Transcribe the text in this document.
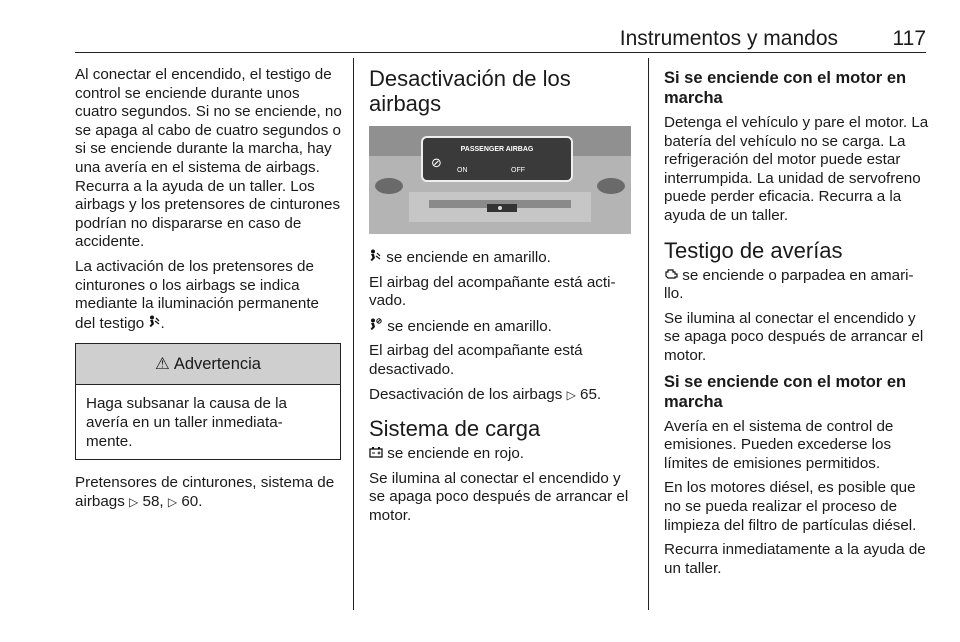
Instrumentos y mandos	117

Al conectar el encendido, el testigo de control se enciende durante unos cuatro segundos. Si no se enciende, no se apaga al cabo de cuatro segundos o si se enciende durante la marcha, hay una avería en el sistema de airbags. Recurra a la ayuda de un taller. Los airbags y los pretensores de cinturones podrían no dispararse en caso de accidente.

La activación de los pretensores de cinturones o los airbags se indica mediante la iluminación permanente del testigo .

⚠ Advertencia
Haga subsanar la causa de la avería en un taller inmediata- mente.

Pretensores de cinturones, sistema de airbags ▷ 58, ▷ 60.

Desactivación de los airbags
PASSENGER AIRBAG
⊘
ON	OFF

se enciende en amarillo.

El airbag del acompañante está acti- vado.

se enciende en amarillo.

El airbag del acompañante está desactivado.

Desactivación de los airbags ▷ 65.

Sistema de carga

se enciende en rojo.

Se ilumina al conectar el encendido y se apaga poco después de arrancar el motor.

Si se enciende con el motor en marcha

Detenga el vehículo y pare el motor. La batería del vehículo no se carga. La refrigeración del motor puede estar interrumpida. La unidad de servofreno puede perder eficacia. Recurra a la ayuda de un taller.

Testigo de averías

se enciende o parpadea en amari- llo.

Se ilumina al conectar el encendido y se apaga poco después de arrancar el motor.

Si se enciende con el motor en marcha

Avería en el sistema de control de emisiones. Pueden excederse los límites de emisiones permitidos.

En los motores diésel, es posible que no se pueda realizar el proceso de limpieza del filtro de partículas diésel.

Recurra inmediatamente a la ayuda de un taller.
